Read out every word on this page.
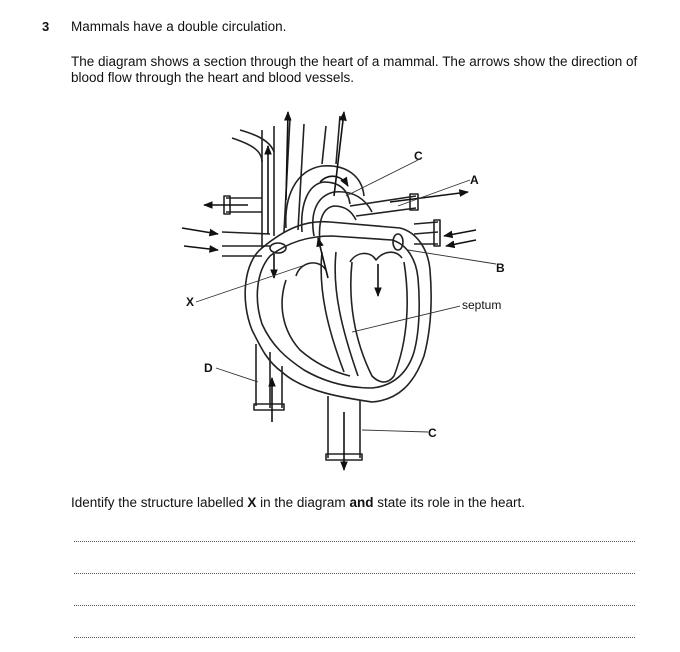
3 Mammals have a double circulation.
The diagram shows a section through the heart of a mammal. The arrows show the direction of blood flow through the heart and blood vessels.
C
A
B
X	septum
D
C
Identify the structure labelled X in the diagram and state its role in the heart.
